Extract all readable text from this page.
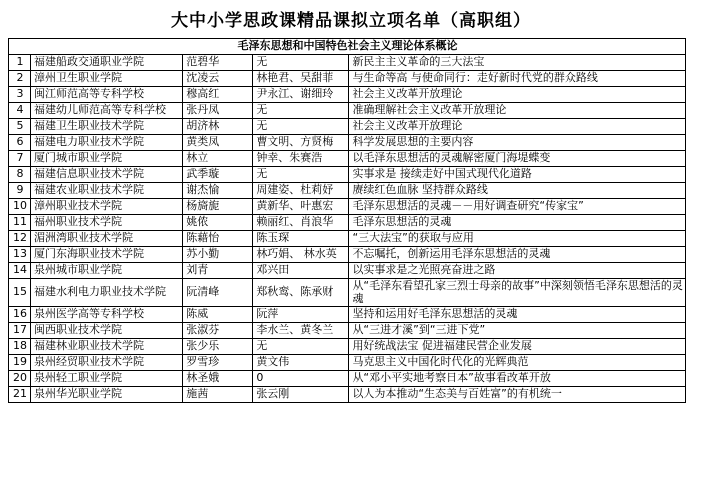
大中小学思政课精品课拟立项名单（高职组）
毛泽东思想和中国特色社会主义理论体系概论				
1	福建船政交通职业学院	范碧华	无	新民主主义革命的三大法宝
2	漳州卫生职业学院	沈凌云	林艳君、吴甜菲	与生命等高 与使命同行：走好新时代党的群众路线
3	闽江师范高等专科学校	穆高红	尹永江、谢细玲	社会主义改革开放理论
4	福建幼儿师范高等专科学校	张丹凤	无	准确理解社会主义改革开放理论
5	福建卫生职业技术学院	胡济林	无	社会主义改革开放理论
6	福建电力职业技术学院	黄类凤	曹文明、方贤梅	科学发展思想的主要内容
7	厦门城市职业学院	林立	钟幸、朱赛浩	以毛泽东思想活的灵魂解密厦门海堤蝶变
8	福建信息职业技术学院	武季璇	无	实事求是 接续走好中国式现代化道路
9	福建农业职业技术学院	谢杰愉	周建姿、杜莉妤	赓续红色血脉 坚持群众路线
10	漳州职业技术学院	杨旖旎	黄新华、叶惠宏	毛泽东思想活的灵魂－－用好调查研究“传家宝”
11	福州职业技术学院	姚侬	赖丽红、肖浪华	毛泽东思想活的灵魂
12	湄洲湾职业技术学院	陈藉怡	陈玉琛	“三大法宝”的获取与应用
13	厦门东海职业技术学院	苏小勤	林巧娟、 林水英	不忘嘱托，创新运用毛泽东思想活的灵魂
14	泉州城市职业学院	刘青	邓兴田	以实事求是之光照亮奋进之路
15	福建水利电力职业技术学院	阮清峰	郑秋鸾、陈承财	从“毛泽东看望孔家三烈士母亲的故事”中深刻领悟毛泽东思想活的灵魂
16	泉州医学高等专科学校	陈威	阮萍	坚持和运用好毛泽东思想活的灵魂
17	闽西职业技术学院	张淑芬	李水兰、黄冬兰	从“三进才溪”到“三进下党”
18	福建林业职业技术学院	张少乐	无	用好统战法宝 促进福建民营企业发展
19	泉州经贸职业技术学院	罗雪珍	黄文伟	马克思主义中国化时代化的光辉典范
20	泉州轻工职业学院	林圣娥	0	从“邓小平实地考察日本”故事看改革开放
21	泉州华光职业学院	施茜	张云刚	以人为本推动“生态美与百姓富”的有机统一
